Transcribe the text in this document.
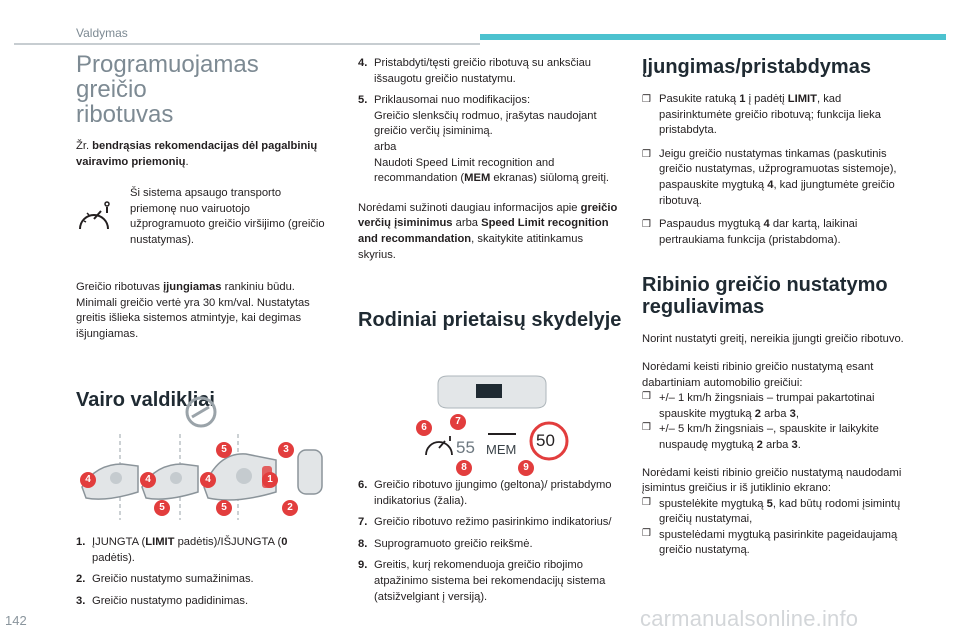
Valdymas
142	carmanualsonline.info
Programuojamas greičio
ribotuvas

Žr. bendrąsias rekomendacijas dėl pagalbinių vairavimo priemonių.

Ši sistema apsaugo transporto priemonę nuo vairuotojo užprogramuoto greičio viršijimo (greičio nustatymas).

Greičio ribotuvas įjungiamas rankiniu būdu. Minimali greičio vertė yra 30 km/val. Nustatytas greitis išlieka sistemos atmintyje, kai degimas išjungiamas.

Vairo valdikliai
4	4	4
5	3
1
5	5	2
1. ĮJUNGTA (LIMIT padėtis)/IŠJUNGTA (0 padėtis).
2. Greičio nustatymo sumažinimas.
3. Greičio nustatymo padidinimas.
4. Pristabdyti/tęsti greičio ribotuvą su anksčiau išsaugotu greičio nustatymu.
5. Priklausomai nuo modifikacijos:
Greičio slenksčių rodmuo, įrašytas naudojant greičio verčių įsiminimą.
arba
Naudoti Speed Limit recognition and recommandation (MEM ekranas) siūlomą greitį.

Norėdami sužinoti daugiau informacijos apie greičio verčių įsiminimus arba Speed Limit recognition and recommandation, skaitykite atitinkamus skyrius.

Rodiniai prietaisų skydelyje
55 MEM 50
6
7
8	9
6. Greičio ribotuvo įjungimo (geltona)/ pristabdymo indikatorius (žalia).
7. Greičio ribotuvo režimo pasirinkimo indikatorius/
8. Suprogramuoto greičio reikšmė.
9. Greitis, kurį rekomenduoja greičio ribojimo atpažinimo sistema bei rekomendacijų sistema (atsižvelgiant į versiją).
Įjungimas/pristabdymas
❒ Pasukite ratuką 1 į padėtį LIMIT, kad pasirinktumėte greičio ribotuvą; funkcija lieka pristabdyta.
❒ Jeigu greičio nustatymas tinkamas (paskutinis greičio nustatymas, užprogramuotas sistemoje), paspauskite mygtuką 4, kad įjungtumėte greičio ribotuvą.
❒ Paspaudus mygtuką 4 dar kartą, laikinai pertraukiama funkcija (pristabdoma).
Ribinio greičio nustatymo
reguliavimas

Norint nustatyti greitį, nereikia įjungti greičio ribotuvo.

Norėdami keisti ribinio greičio nustatymą esant dabartiniam automobilio greičiui:

❒ +/– 1 km/h žingsniais – trumpai pakartotinai spauskite mygtuką 2 arba 3,

❒ +/– 5 km/h žingsniais –, spauskite ir laikykite nuspaudę mygtuką 2 arba 3.

Norėdami keisti ribinio greičio nustatymą naudodami įsimintus greičius ir iš jutiklinio ekrano:

❒ spustelėkite mygtuką 5, kad būtų rodomi įsimintų greičių nustatymai,

❒ spustelėdami mygtuką pasirinkite pageidaujamą greičio nustatymą.
